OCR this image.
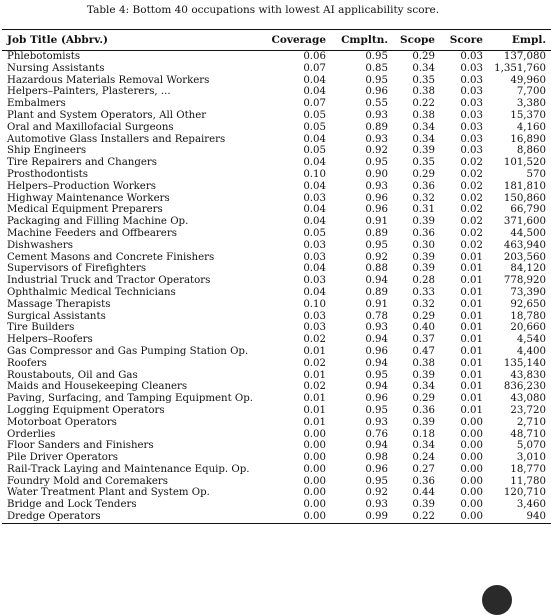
Table 4: Bottom 40 occupations with lowest AI applicability score.
Job Title (Abbrv.)	Coverage	Cmpltn.	Scope	Score	Empl.
Phlebotomists	0.06	0.95	0.29	0.03	137,080
Nursing Assistants	0.07	0.85	0.34	0.03	1,351,760
Hazardous Materials Removal Workers	0.04	0.95	0.35	0.03	49,960
Helpers–Painters, Plasterers, ...	0.04	0.96	0.38	0.03	7,700
Embalmers	0.07	0.55	0.22	0.03	3,380
Plant and System Operators, All Other	0.05	0.93	0.38	0.03	15,370
Oral and Maxillofacial Surgeons	0.05	0.89	0.34	0.03	4,160
Automotive Glass Installers and Repairers	0.04	0.93	0.34	0.03	16,890
Ship Engineers	0.05	0.92	0.39	0.03	8,860
Tire Repairers and Changers	0.04	0.95	0.35	0.02	101,520
Prosthodontists	0.10	0.90	0.29	0.02	570
Helpers–Production Workers	0.04	0.93	0.36	0.02	181,810
Highway Maintenance Workers	0.03	0.96	0.32	0.02	150,860
Medical Equipment Preparers	0.04	0.96	0.31	0.02	66,790
Packaging and Filling Machine Op.	0.04	0.91	0.39	0.02	371,600
Machine Feeders and Offbearers	0.05	0.89	0.36	0.02	44,500
Dishwashers	0.03	0.95	0.30	0.02	463,940
Cement Masons and Concrete Finishers	0.03	0.92	0.39	0.01	203,560
Supervisors of Firefighters	0.04	0.88	0.39	0.01	84,120
Industrial Truck and Tractor Operators	0.03	0.94	0.28	0.01	778,920
Ophthalmic Medical Technicians	0.04	0.89	0.33	0.01	73,390
Massage Therapists	0.10	0.91	0.32	0.01	92,650
Surgical Assistants	0.03	0.78	0.29	0.01	18,780
Tire Builders	0.03	0.93	0.40	0.01	20,660
Helpers–Roofers	0.02	0.94	0.37	0.01	4,540
Gas Compressor and Gas Pumping Station Op.	0.01	0.96	0.47	0.01	4,400
Roofers	0.02	0.94	0.38	0.01	135,140
Roustabouts, Oil and Gas	0.01	0.95	0.39	0.01	43,830
Maids and Housekeeping Cleaners	0.02	0.94	0.34	0.01	836,230
Paving, Surfacing, and Tamping Equipment Op.	0.01	0.96	0.29	0.01	43,080
Logging Equipment Operators	0.01	0.95	0.36	0.01	23,720
Motorboat Operators	0.01	0.93	0.39	0.00	2,710
Orderlies	0.00	0.76	0.18	0.00	48,710
Floor Sanders and Finishers	0.00	0.94	0.34	0.00	5,070
Pile Driver Operators	0.00	0.98	0.24	0.00	3,010
Rail-Track Laying and Maintenance Equip. Op.	0.00	0.96	0.27	0.00	18,770
Foundry Mold and Coremakers	0.00	0.95	0.36	0.00	11,780
Water Treatment Plant and System Op.	0.00	0.92	0.44	0.00	120,710
Bridge and Lock Tenders	0.00	0.93	0.39	0.00	3,460
Dredge Operators	0.00	0.99	0.22	0.00	940
